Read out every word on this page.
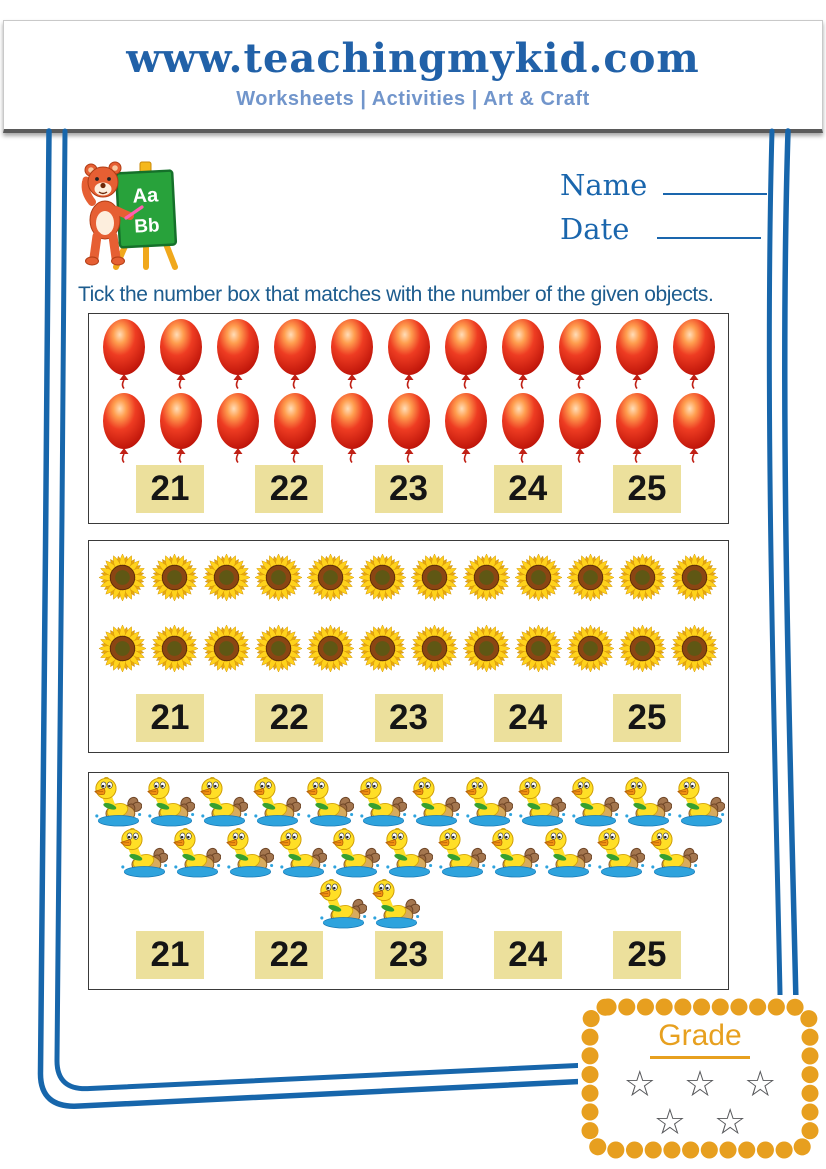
www.teachingmykid.com
Worksheets | Activities | Art & Craft
Aa
Bb
Name
Date
Tick the number box that matches with the number of the given objects.
21	22	23	24	25
21	22	23	24	25
21	22	23	24	25
Grade
☆ ☆ ☆
☆ ☆
